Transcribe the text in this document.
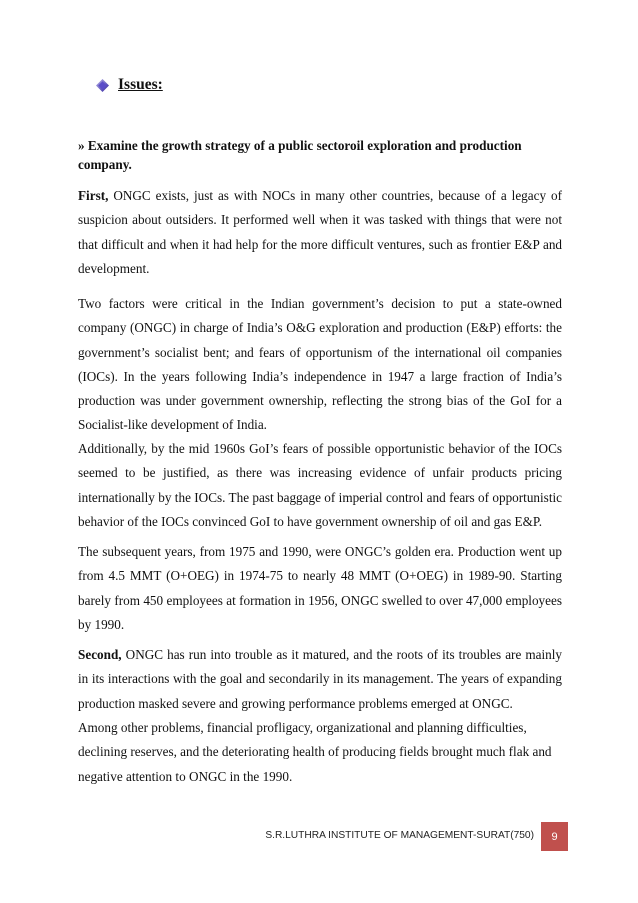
Issues:
» Examine the growth strategy of a public sectoroil exploration and production company.

First, ONGC exists, just as with NOCs in many other countries, because of a legacy of suspicion about outsiders. It performed well when it was tasked with things that were not that difficult and when it had help for the more difficult ventures, such as frontier E&P and development.

Two factors were critical in the Indian government’s decision to put a state‐owned company (ONGC) in charge of India’s O&G exploration and production (E&P) efforts: the government’s socialist bent; and fears of opportunism of the international oil companies (IOCs). In the years following India’s independence in 1947 a large fraction of India’s production was under government ownership, reflecting the strong bias of the GoI for a Socialist‐like development of India.

Additionally, by the mid 1960s GoI’s fears of possible opportunistic behavior of the IOCs seemed to be justified, as there was increasing evidence of unfair products pricing internationally by the IOCs. The past baggage of imperial control and fears of opportunistic behavior of the IOCs convinced GoI to have government ownership of oil and gas E&P.

The subsequent years, from 1975 and 1990, were ONGC’s golden era. Production went up from 4.5 MMT (O+OEG) in 1974‐75 to nearly 48 MMT (O+OEG) in 1989‐90. Starting barely from 450 employees at formation in 1956, ONGC swelled to over 47,000 employees by 1990.

Second, ONGC has run into trouble as it matured, and the roots of its troubles are mainly in its interactions with the goal and secondarily in its management. The years of expanding production masked severe and growing performance problems emerged at ONGC.

Among other problems, financial profligacy, organizational and planning difficulties, declining reserves, and the deteriorating health of producing fields brought much flak and negative attention to ONGC in the 1990.

S.R.LUTHRA INSTITUTE OF MANAGEMENT-SURAT(750)	9
